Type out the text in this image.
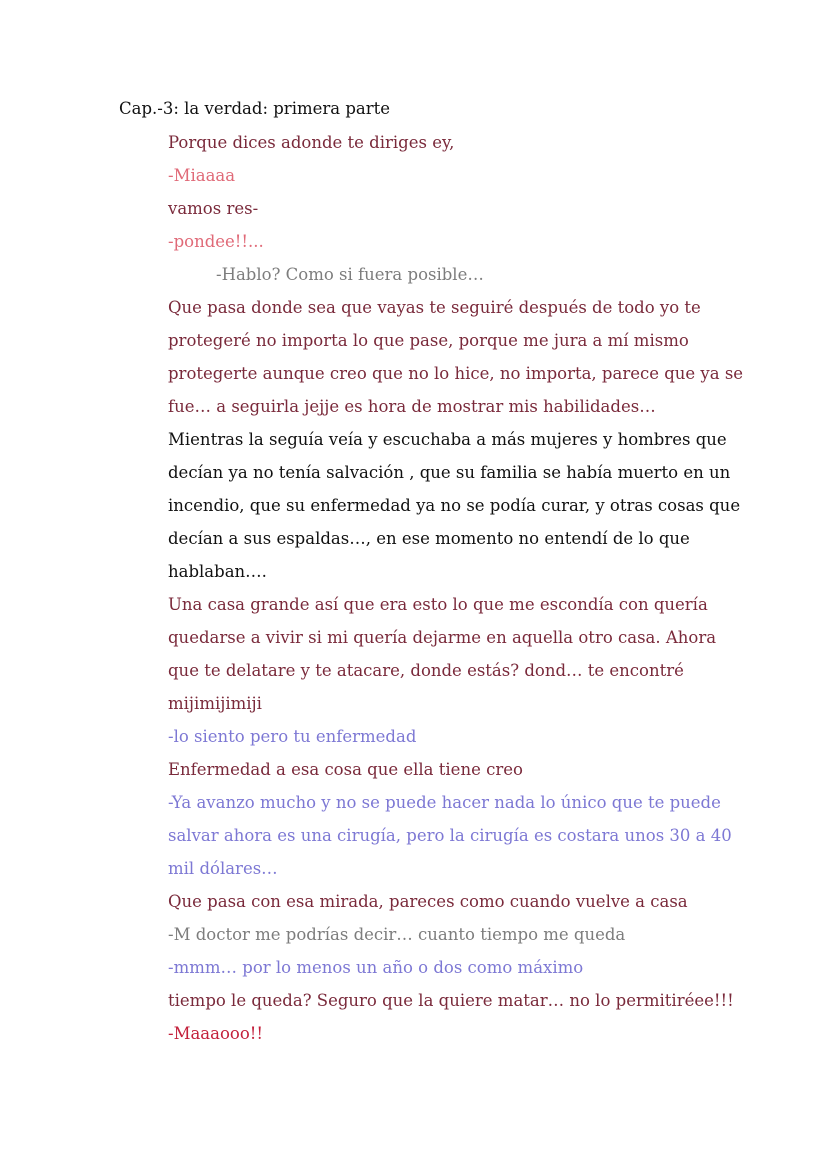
Cap.-3: la verdad: primera parte
Porque dices adonde te diriges ey,
-Miaaaa
vamos res-
-pondee!!...
-Hablo? Como si fuera posible…
Que pasa donde sea que vayas te seguiré después de todo yo te
protegeré no importa lo que pase, porque me jura a mí mismo
protegerte aunque creo que no lo hice, no importa, parece que ya se
fue… a seguirla jejje es hora de mostrar mis habilidades…
Mientras la seguía veía y escuchaba a más mujeres y hombres que
decían ya no tenía salvación , que su familia se había muerto en un
incendio, que su enfermedad ya no se podía curar, y otras cosas que
decían a sus espaldas…, en ese momento no entendí de lo que
hablaban….
Una casa grande así que era esto lo que me escondía con quería
quedarse a vivir si mi quería dejarme en aquella otro casa. Ahora
que te delatare y te atacare, donde estás? dond… te encontré
mijimijimiji
-lo siento pero tu enfermedad
Enfermedad a esa cosa que ella tiene creo
-Ya avanzo mucho y no se puede hacer nada lo único que te puede
salvar ahora es una cirugía, pero la cirugía es costara unos 30 a 40
mil dólares…
Que pasa con esa mirada, pareces como cuando vuelve a casa
-M doctor me podrías decir… cuanto tiempo me queda
-mmm… por lo menos un año o dos como máximo
tiempo le queda? Seguro que la quiere matar… no lo permitiréee!!!
-Maaaooo!!
